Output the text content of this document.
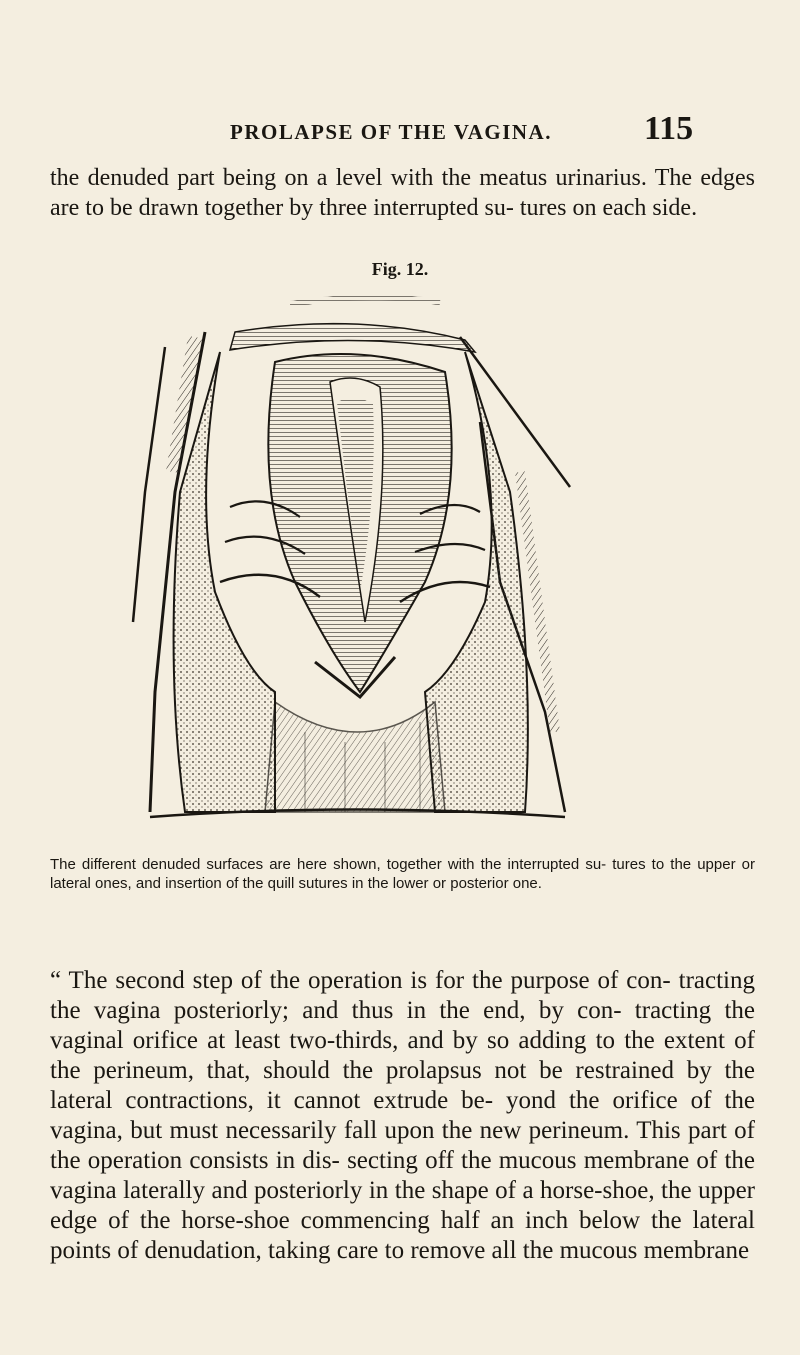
PROLAPSE OF THE VAGINA.	115

the denuded part being on a level with the meatus urinarius. The edges are to be drawn together by three interrupted su- tures on each side.

Fig. 12.
The different denuded surfaces are here shown, together with the interrupted su- tures to the upper or lateral ones, and insertion of the quill sutures in the lower or posterior one.

“ The second step of the operation is for the purpose of con- tracting the vagina posteriorly; and thus in the end, by con- tracting the vaginal orifice at least two-thirds, and by so adding to the extent of the perineum, that, should the prolapsus not be restrained by the lateral contractions, it cannot extrude be- yond the orifice of the vagina, but must necessarily fall upon the new perineum. This part of the operation consists in dis- secting off the mucous membrane of the vagina laterally and posteriorly in the shape of a horse-shoe, the upper edge of the horse-shoe commencing half an inch below the lateral points of denudation, taking care to remove all the mucous membrane
